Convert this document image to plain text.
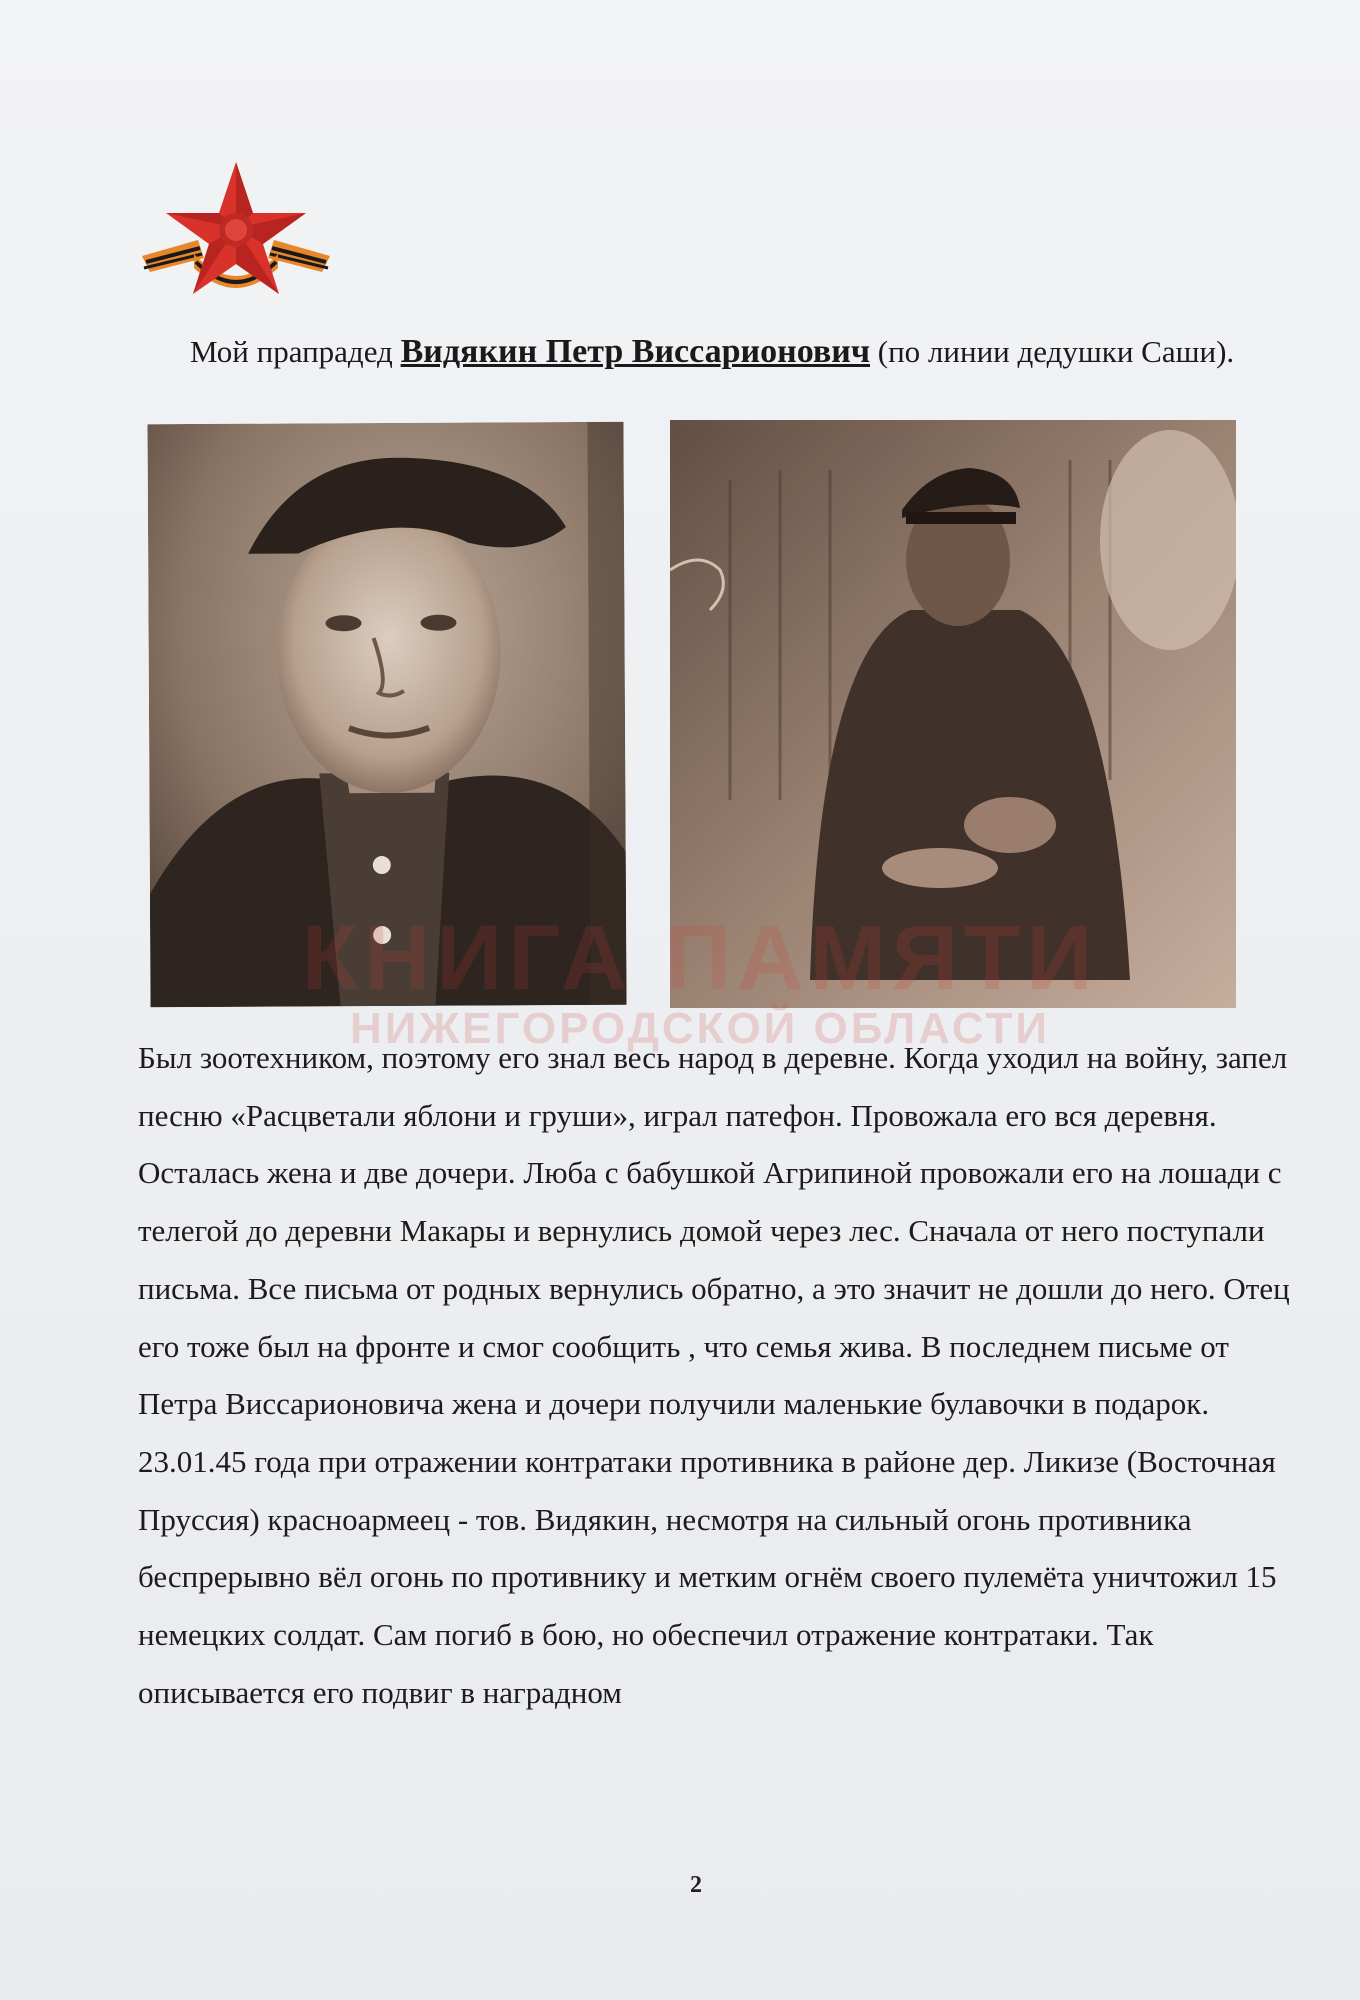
Мой прапрадед Видякин Петр Виссарионович (по линии дедушки Саши).

НИЖЕГОРОДСКОЙ ОБЛАСТИ

Был зоотехником, поэтому его знал весь народ в деревне. Когда уходил на войну, запел песню «Расцветали яблони и груши», играл патефон. Провожала его вся деревня. Осталась жена и две дочери. Люба с бабушкой Агрипиной провожали его на лошади с телегой до деревни Макары и вернулись домой через лес. Сначала от него поступали письма. Все письма от родных вернулись обратно, а это значит не дошли до него. Отец его тоже был на фронте и смог сообщить , что семья жива. В последнем письме от Петра Виссарионовича жена и дочери получили маленькие булавочки в подарок. 23.01.45 года при отражении контратаки противника в районе дер. Ликизе (Восточная Пруссия) красноармеец - тов. Видякин, несмотря на сильный огонь противника беспрерывно вёл огонь по противнику и метким огнём своего пулемёта уничтожил 15 немецких солдат. Сам погиб в бою, но обеспечил отражение контратаки. Так описывается его подвиг в наградном

2
